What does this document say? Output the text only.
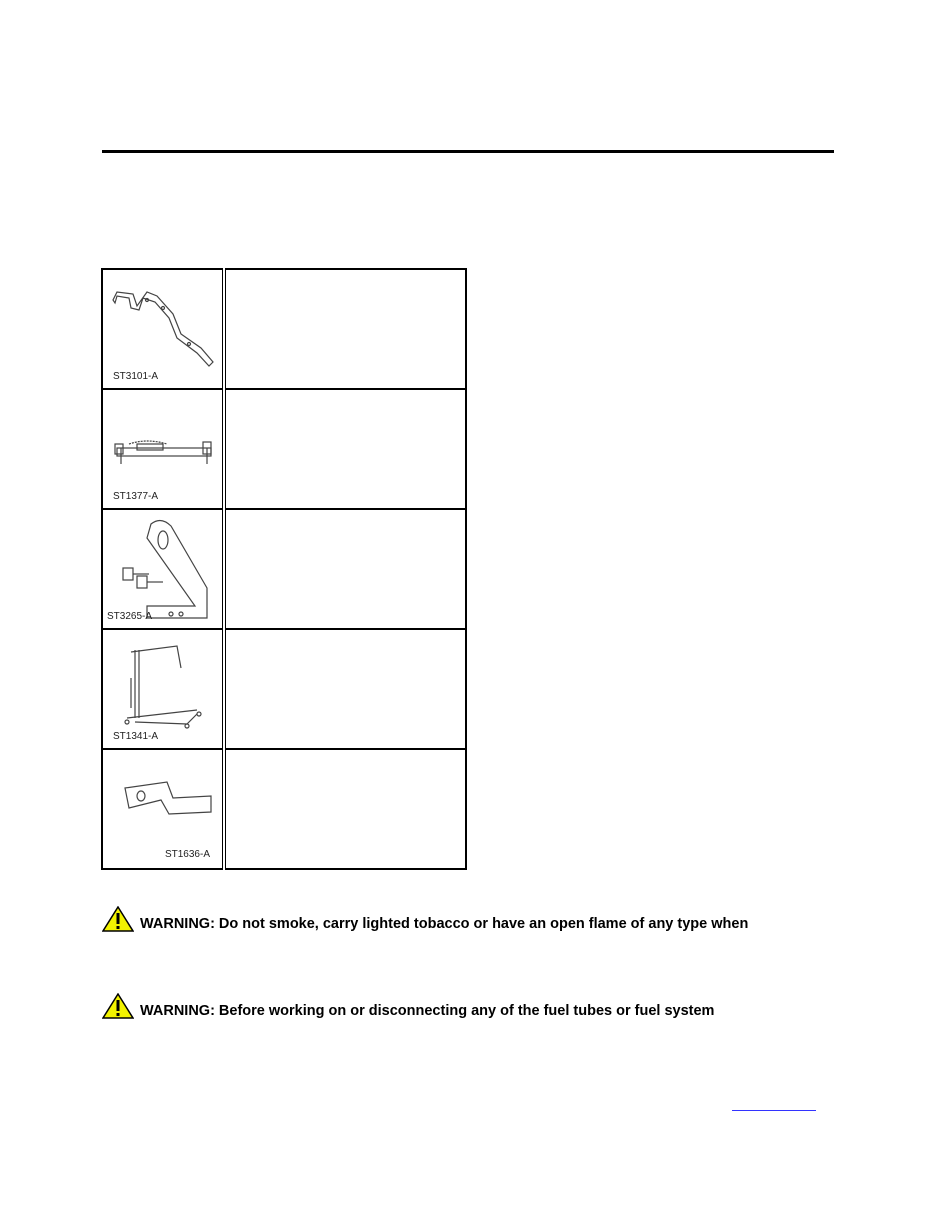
ST3101-A	

ST1377-A	

ST3265-A	

ST1341-A	

ST1636-A	

WARNING: Do not smoke, carry lighted tobacco or have an open flame of any type when
WARNING: Before working on or disconnecting any of the fuel tubes or fuel system
